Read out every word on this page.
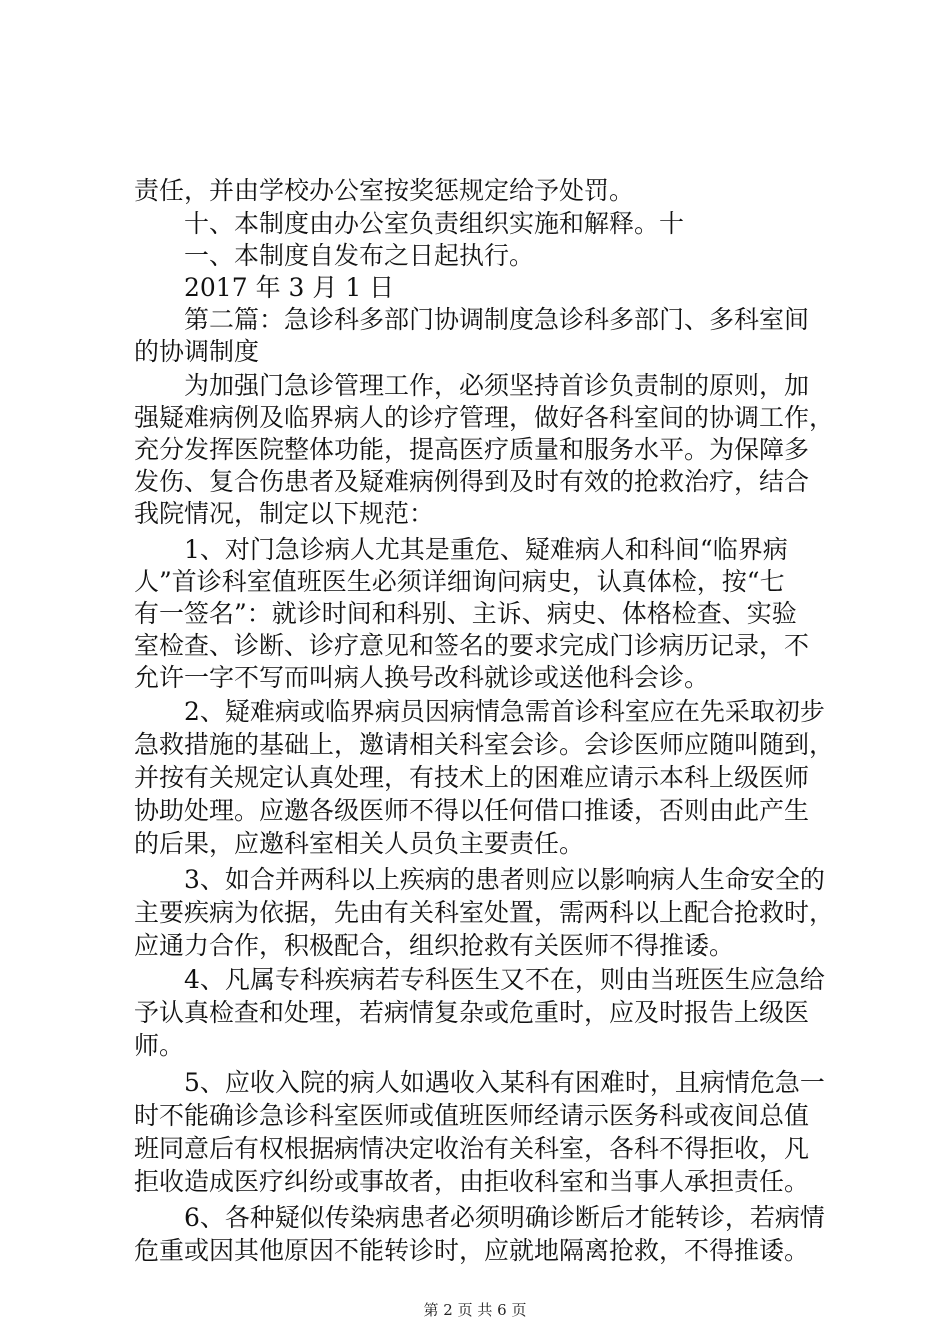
责任，并由学校办公室按奖惩规定给予处罚。
　　十、本制度由办公室负责组织实施和解释。十
　　一、本制度自发布之日起执行。
　　2017 年 3 月 1 日
　　第二篇：急诊科多部门协调制度急诊科多部门、多科室间
的协调制度
　　为加强门急诊管理工作，必须坚持首诊负责制的原则，加
强疑难病例及临界病人的诊疗管理，做好各科室间的协调工作，
充分发挥医院整体功能，提高医疗质量和服务水平。为保障多
发伤、复合伤患者及疑难病例得到及时有效的抢救治疗，结合
我院情况，制定以下规范：
　　1、对门急诊病人尤其是重危、疑难病人和科间“临界病
人”首诊科室值班医生必须详细询问病史，认真体检，按“七
有一签名”：就诊时间和科别、主诉、病史、体格检查、实验
室检查、诊断、诊疗意见和签名的要求完成门诊病历记录，不
允许一字不写而叫病人换号改科就诊或送他科会诊。
　　2、疑难病或临界病员因病情急需首诊科室应在先采取初步
急救措施的基础上，邀请相关科室会诊。会诊医师应随叫随到，
并按有关规定认真处理，有技术上的困难应请示本科上级医师
协助处理。应邀各级医师不得以任何借口推诿，否则由此产生
的后果，应邀科室相关人员负主要责任。
　　3、如合并两科以上疾病的患者则应以影响病人生命安全的
主要疾病为依据，先由有关科室处置，需两科以上配合抢救时，
应通力合作，积极配合，组织抢救有关医师不得推诿。
　　4、凡属专科疾病若专科医生又不在，则由当班医生应急给
予认真检查和处理，若病情复杂或危重时，应及时报告上级医
师。
　　5、应收入院的病人如遇收入某科有困难时，且病情危急一
时不能确诊急诊科室医师或值班医师经请示医务科或夜间总值
班同意后有权根据病情决定收治有关科室，各科不得拒收，凡
拒收造成医疗纠纷或事故者，由拒收科室和当事人承担责任。
　　6、各种疑似传染病患者必须明确诊断后才能转诊，若病情
危重或因其他原因不能转诊时，应就地隔离抢救，不得推诿。
第 2 页 共 6 页
